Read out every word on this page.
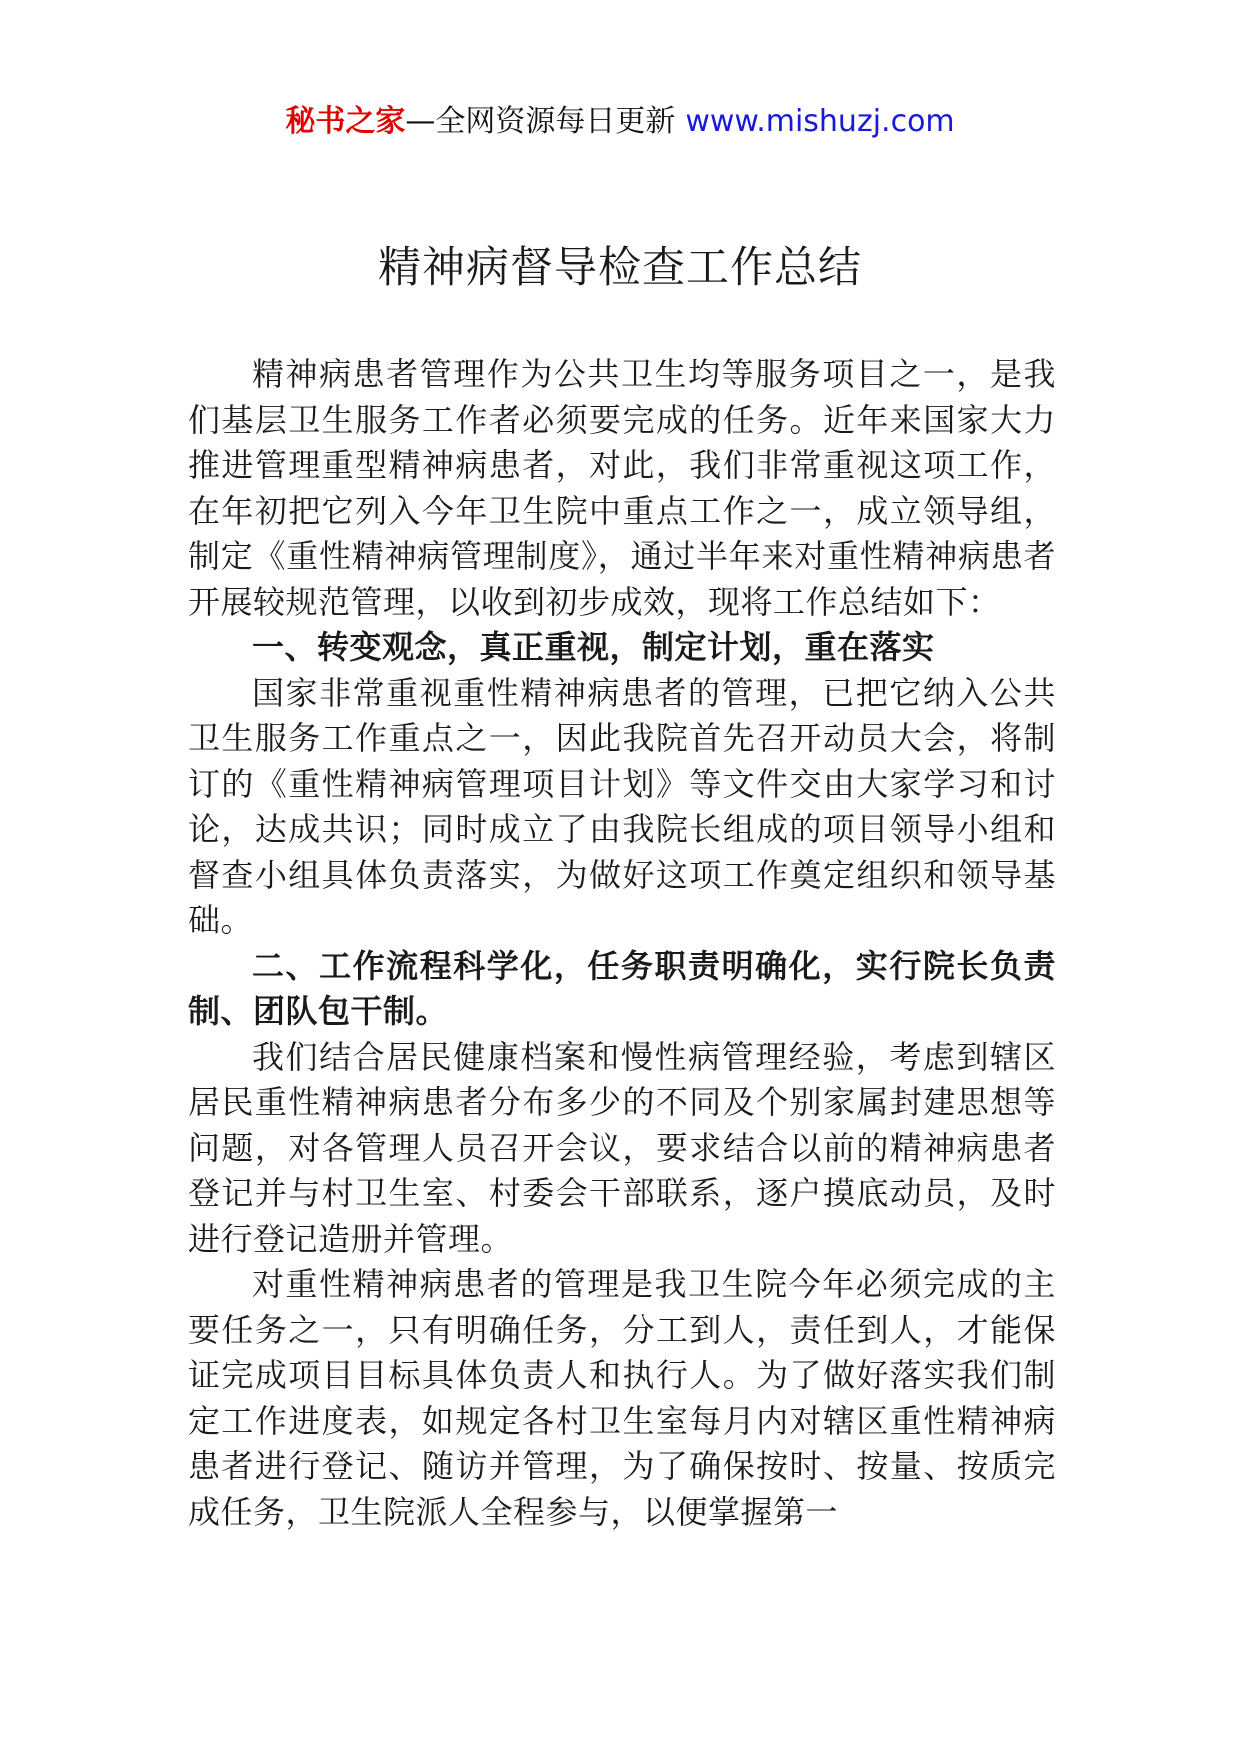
秘书之家—全网资源每日更新 www.mishuzj.com
精神病督导检查工作总结

精神病患者管理作为公共卫生均等服务项目之一，是我们基层卫生服务工作者必须要完成的任务。近年来国家大力推进管理重型精神病患者，对此，我们非常重视这项工作，在年初把它列入今年卫生院中重点工作之一，成立领导组，制定《重性精神病管理制度》，通过半年来对重性精神病患者开展较规范管理，以收到初步成效，现将工作总结如下：

一、转变观念，真正重视，制定计划，重在落实

国家非常重视重性精神病患者的管理，已把它纳入公共卫生服务工作重点之一，因此我院首先召开动员大会，将制订的《重性精神病管理项目计划》等文件交由大家学习和讨论，达成共识；同时成立了由我院长组成的项目领导小组和督查小组具体负责落实，为做好这项工作奠定组织和领导基础。

二、工作流程科学化，任务职责明确化，实行院长负责制、团队包干制。

我们结合居民健康档案和慢性病管理经验，考虑到辖区居民重性精神病患者分布多少的不同及个别家属封建思想等问题，对各管理人员召开会议，要求结合以前的精神病患者登记并与村卫生室、村委会干部联系，逐户摸底动员，及时进行登记造册并管理。

对重性精神病患者的管理是我卫生院今年必须完成的主要任务之一，只有明确任务，分工到人，责任到人，才能保证完成项目目标具体负责人和执行人。为了做好落实我们制定工作进度表，如规定各村卫生室每月内对辖区重性精神病患者进行登记、随访并管理，为了确保按时、按量、按质完成任务，卫生院派人全程参与，以便掌握第一
